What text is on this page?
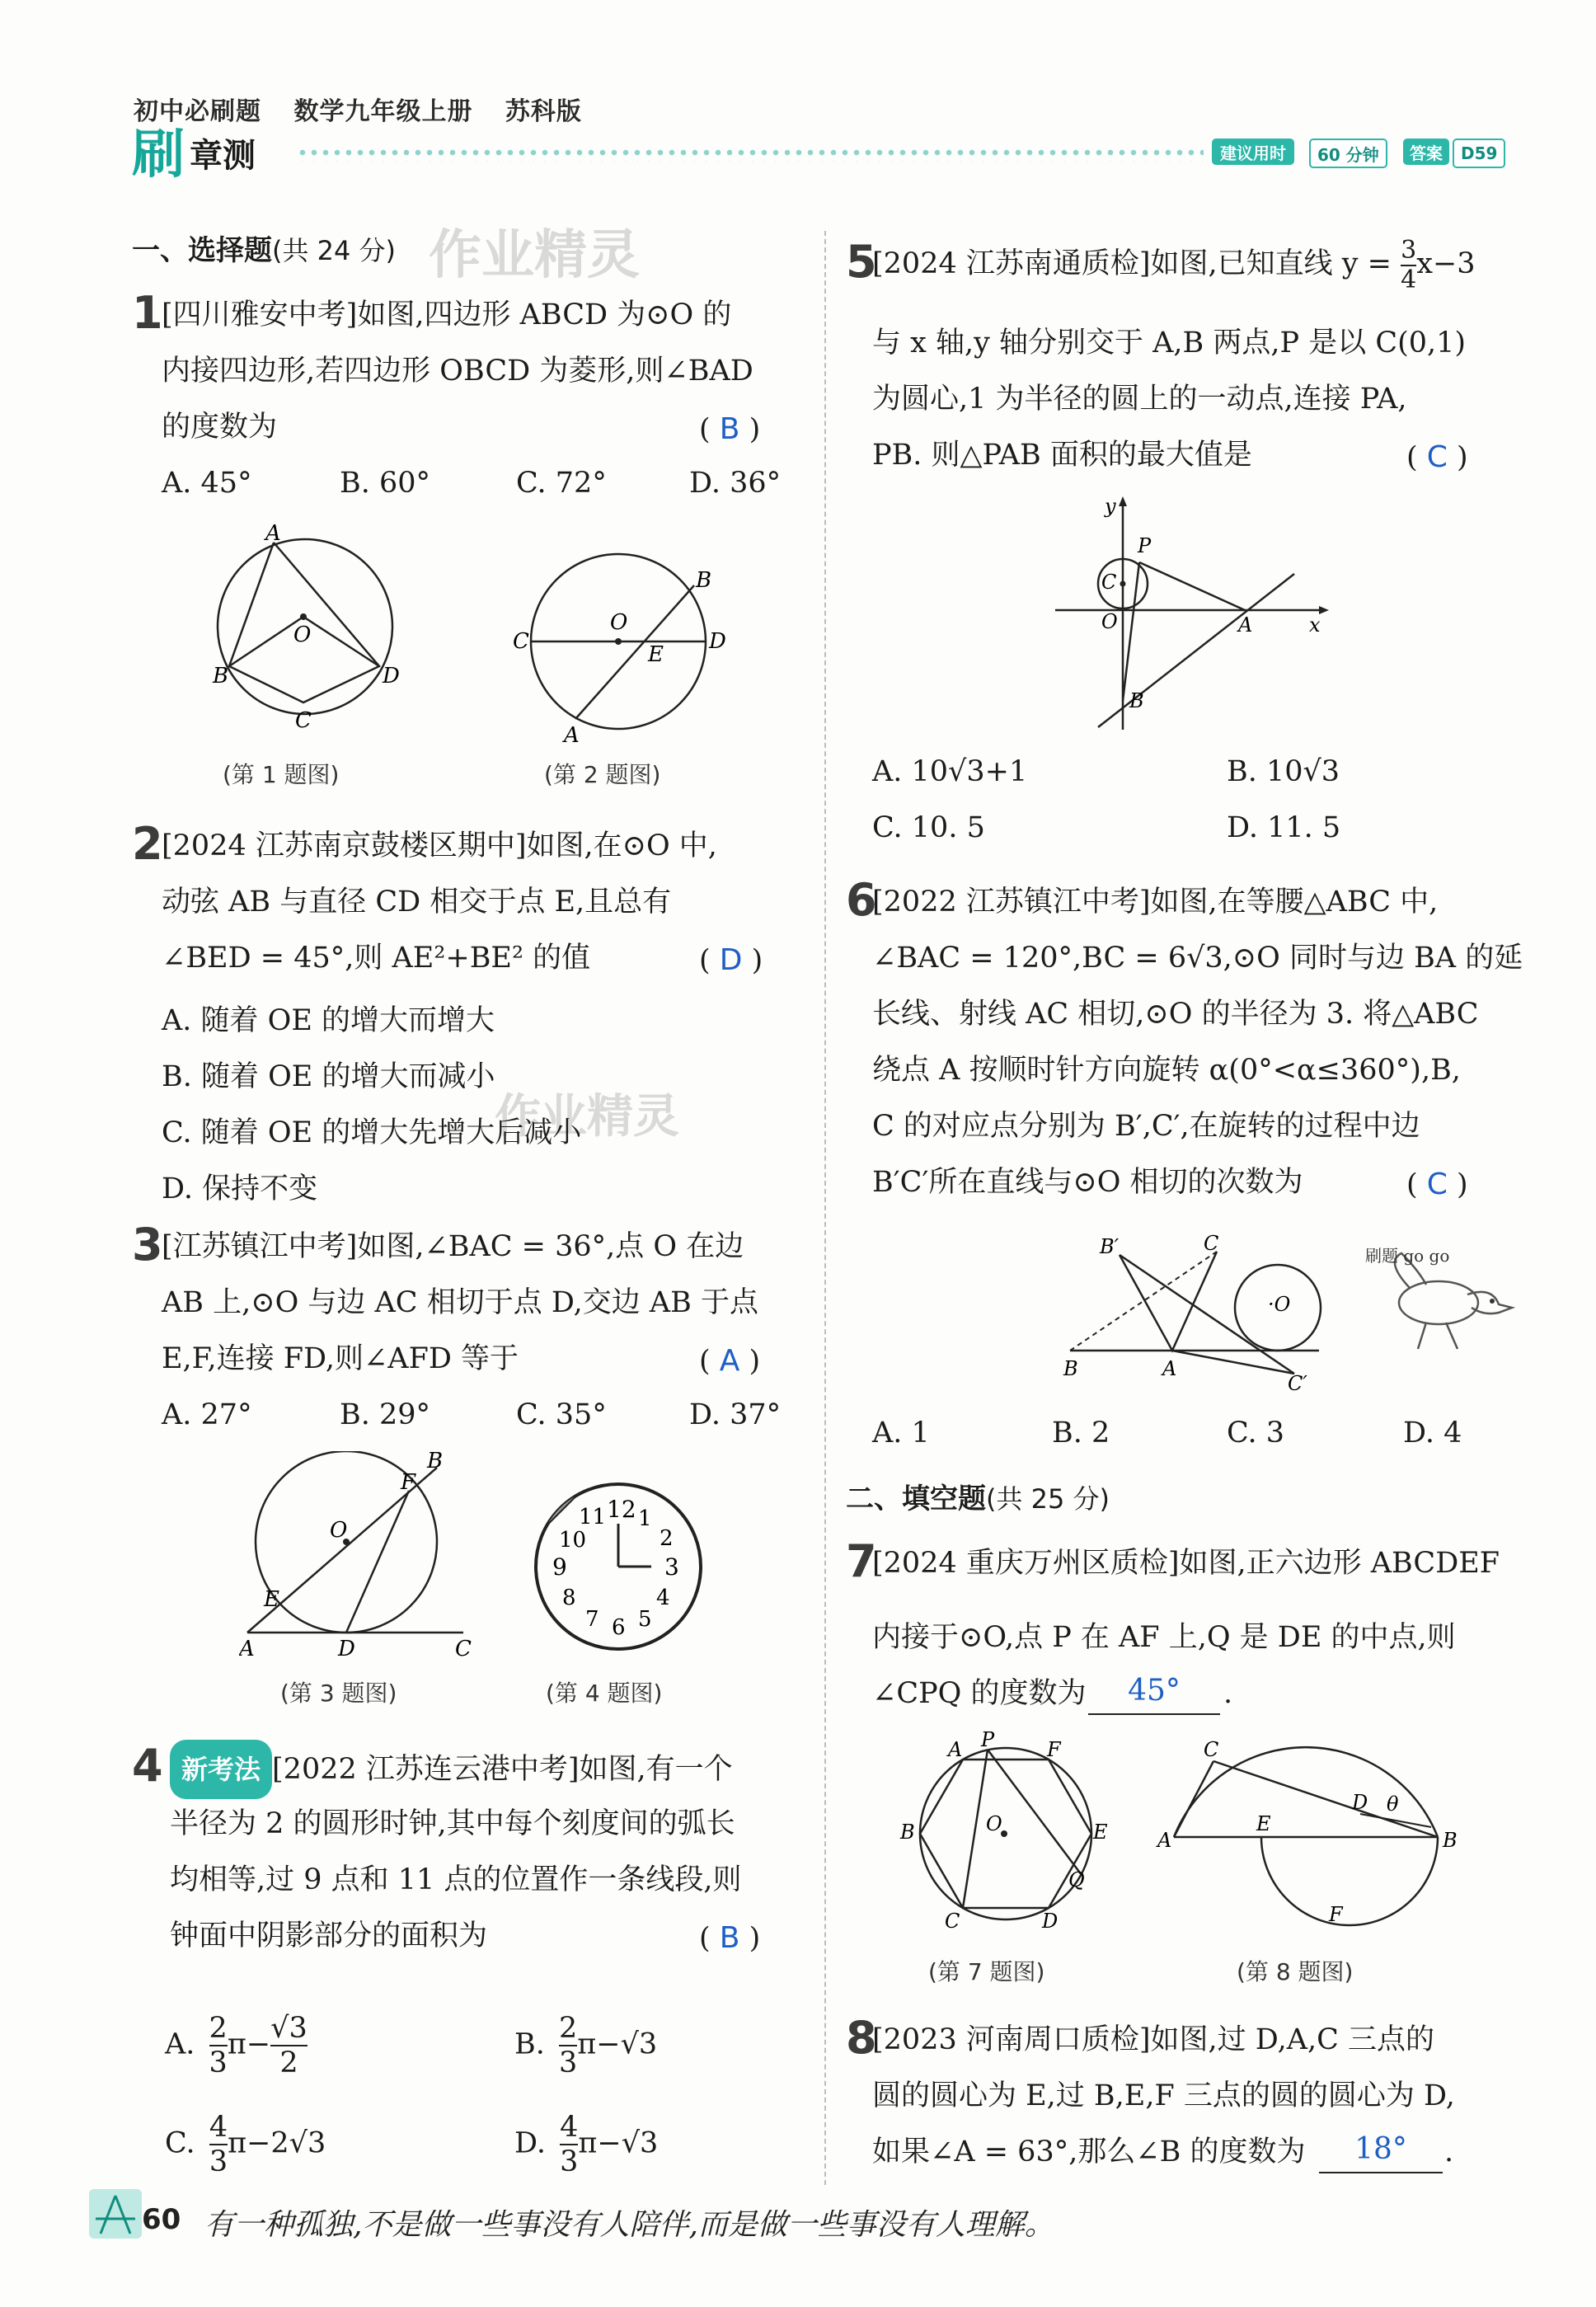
初中必刷题 数学九年级上册 苏科版
刷 章测	建议用时	60 分钟	答案	D59
作业精灵
作业精灵
一、选择题(共 24 分)
1
[四川雅安中考]如图,四边形 ABCD 为⊙O 的
内接四边形,若四边形 OBCD 为菱形,则∠BAD
的度数为	( B )
A. 45°	B. 60°	C. 72°	D. 36°
A
B
C
D
O
(第 1 题图)
O
C	D
B
A
E
(第 2 题图)
2
[2024 江苏南京鼓楼区期中]如图,在⊙O 中,
动弦 AB 与直径 CD 相交于点 E,且总有
∠BED = 45°,则 AE²+BE² 的值	( D )
A. 随着 OE 的增大而增大
B. 随着 OE 的增大而减小
C. 随着 OE 的增大先增大后减小
D. 保持不变
3
[江苏镇江中考]如图,∠BAC = 36°,点 O 在边
AB 上,⊙O 与边 AC 相切于点 D,交边 AB 于点
E,F,连接 FD,则∠AFD 等于	( A )
A. 27°	B. 29°	C. 35°	D. 37°
O
A	D	C
E
F
B
12 1
2
3
4
5
6
7
8
9
10
11
(第 3 题图)	(第 4 题图)
4 新考法 [2022 江苏连云港中考]如图,有一个
半径为 2 的圆形时钟,其中每个刻度间的弧长
均相等,过 9 点和 11 点的位置作一条线段,则
钟面中阴影部分的面积为	( B )
A. $\frac{2}{3} \pi- \frac{√3}{2}$	B. $\frac{2}{3} \pi-√3$
C. $\frac{4}{3} \pi-2√3$	D. $\frac{4}{3} \pi-√3$
5
[2024 江苏南通质检]如图,已知直线 $y = \frac{3}{4} x-3$
与 x 轴,y 轴分别交于 A,B 两点,P 是以 C(0,1)
为圆心,1 为半径的圆上的一动点,连接 PA,
PB. 则△PAB 面积的最大值是	( C )
y
P
C
O	A	x
B
A. 10√3+1	B. 10√3
C. 10. 5	D. 11. 5
6
[2022 江苏镇江中考]如图,在等腰△ABC 中,
∠BAC = 120°,BC = 6√3,⊙O 同时与边 BA 的延
长线、射线 AC 相切,⊙O 的半径为 3. 将△ABC
绕点 A 按顺时针方向旋转 α(0°<α≤360°),B,
C 的对应点分别为 B′,C′,在旋转的过程中边
B′C′所在直线与⊙O 相切的次数为	( C )
·O
B′	C
B	A
C′
刷题 go go
A. 1	B. 2	C. 3	D. 4
二、填空题(共 25 分)
7
[2024 重庆万州区质检]如图,正六边形 ABCDEF
内接于⊙O,点 P 在 AF 上,Q 是 DE 的中点,则
∠CPQ 的度数为	45°	.
A P	F
B	E
O
C	D
Q
A
C
E
D θ
B
F
(第 7 题图)	(第 8 题图)
8
[2023 河南周口质检]如图,过 D,A,C 三点的
圆的圆心为 E,过 B,E,F 三点的圆的圆心为 D,
如果∠A = 63°,那么∠B 的度数为	18°	.
60 有一种孤独,不是做一些事没有人陪伴,而是做一些事没有人理解。
